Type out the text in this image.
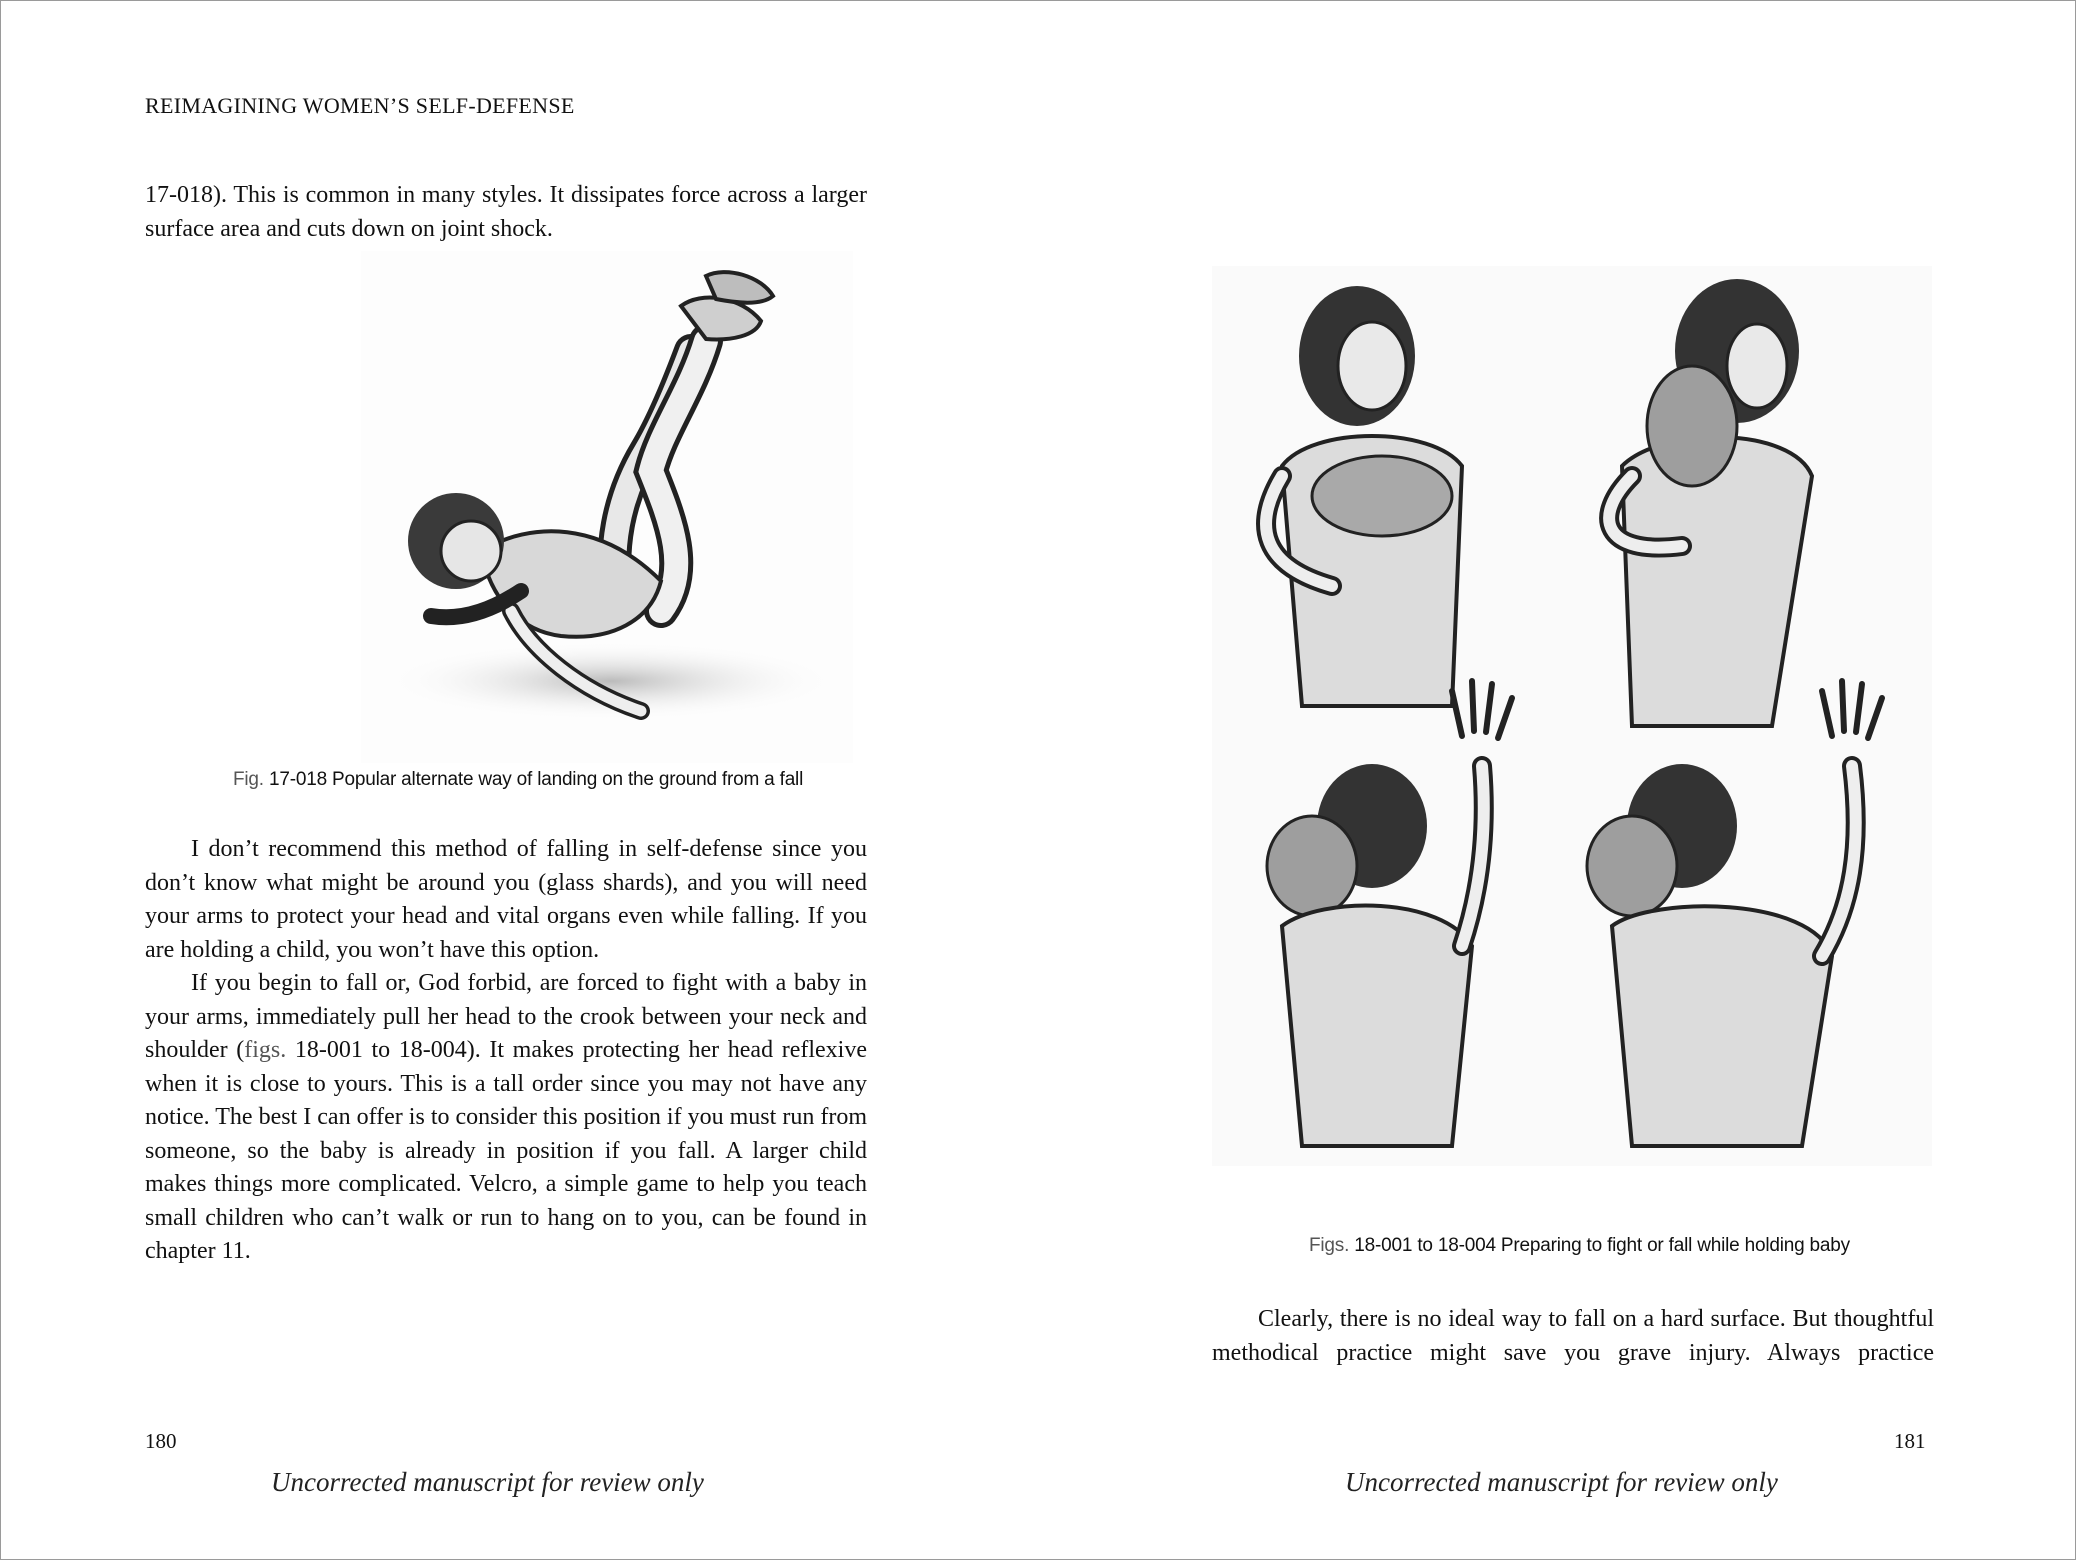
REIMAGINING WOMEN’S SELF-DEFENSE

17-018). This is common in many styles. It dissipates force across a larger surface area and cuts down on joint shock.

Fig. 17-018 Popular alternate way of landing on the ground from a fall

I don’t recommend this method of falling in self-defense since you don’t know what might be around you (glass shards), and you will need your arms to protect your head and vital organs even while falling. If you are holding a child, you won’t have this option.

If you begin to fall or, God forbid, are forced to fight with a baby in your arms, immediately pull her head to the crook between your neck and shoulder (figs. 18-001 to 18-004). It makes protecting her head reflexive when it is close to yours. This is a tall order since you may not have any notice. The best I can offer is to consider this position if you must run from someone, so the baby is already in position if you fall. A larger child makes things more complicated. Velcro, a simple game to help you teach small children who can’t walk or run to hang on to you, can be found in chapter 11.

180
Uncorrected manuscript for review only
Figs. 18-001 to 18-004 Preparing to fight or fall while holding baby

Clearly, there is no ideal way to fall on a hard surface. But thoughtful methodical practice might save you grave injury. Always practice

181
Uncorrected manuscript for review only
